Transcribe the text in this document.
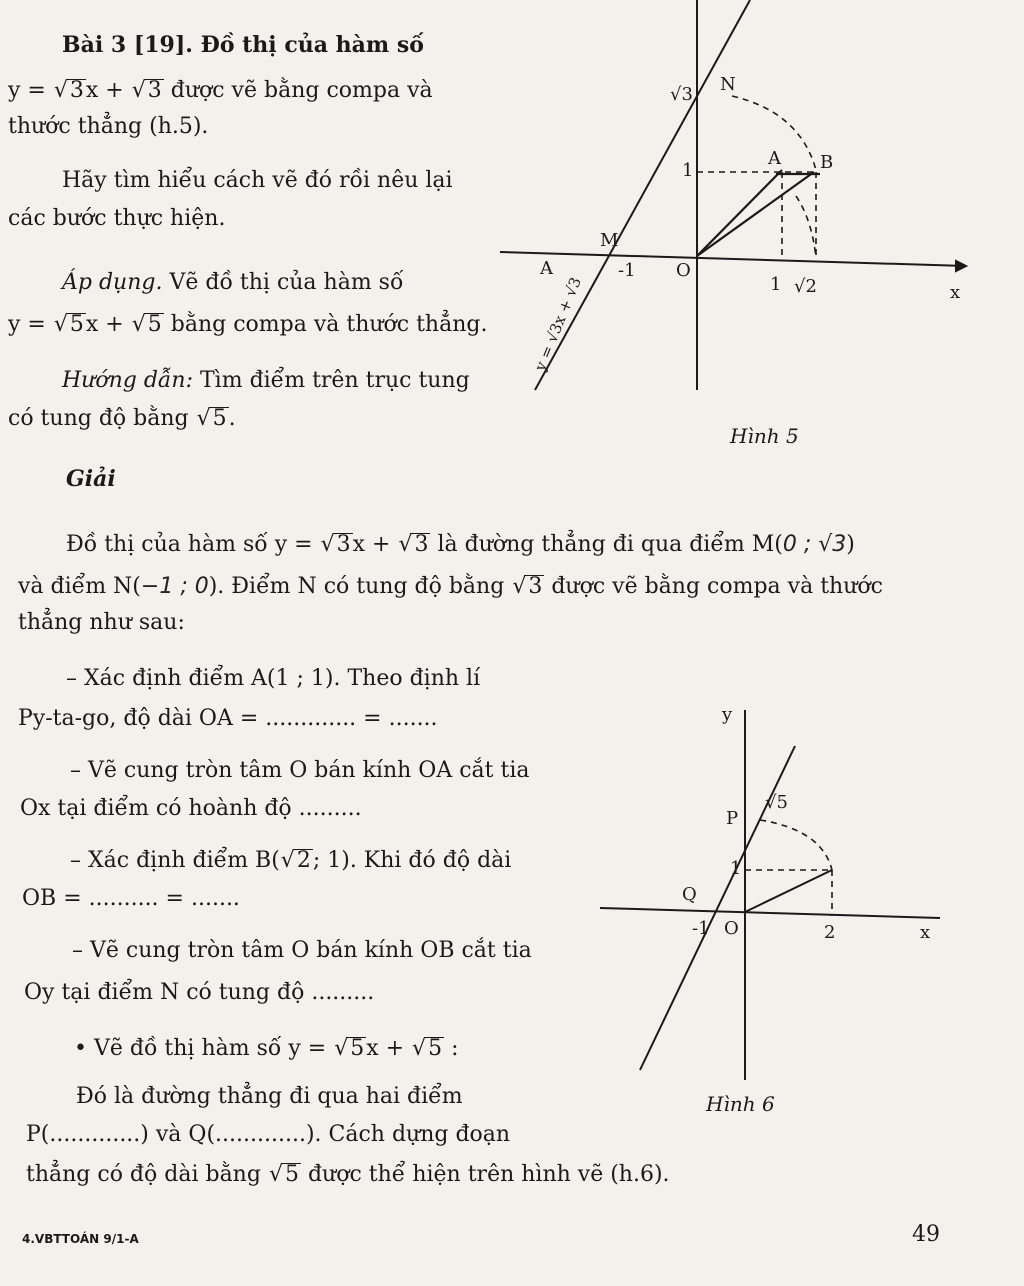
Bài 3 [19]. Đồ thị của hàm số
y = √ 3x + √ 3 được vẽ bằng compa và
thước thẳng (h.5).
Hãy tìm hiểu cách vẽ đó rồi nêu lại
các bước thực hiện.
Áp dụng. Vẽ đồ thị của hàm số
y = √ 5x + √ 5 bằng compa và thước thẳng.
Hướng dẫn: Tìm điểm trên trục tung
có tung độ bằng √ 5.
Giải
Đồ thị của hàm số y = √ 3x + √ 3 là đường thẳng đi qua điểm M(0 ; √3)
và điểm N(−1 ; 0). Điểm N có tung độ bằng √ 3 được vẽ bằng compa và thước
thẳng như sau:
– Xác định điểm A(1 ; 1). Theo định lí
Py-ta-go, độ dài OA = ............. = .......
– Vẽ cung tròn tâm O bán kính OA cắt tia
Ox tại điểm có hoành độ .........
– Xác định điểm B( √ 2; 1). Khi đó độ dài
OB = .......... = .......
– Vẽ cung tròn tâm O bán kính OB cắt tia
Oy tại điểm N có tung độ .........
• Vẽ đồ thị hàm số y = √ 5x + √ 5 :
Đó là đường thẳng đi qua hai điểm
P(.............) và Q(.............). Cách dựng đoạn
thẳng có độ dài bằng √ 5 được thể hiện trên hình vẽ (h.6).
√3 N
A B
1
M
A	-1 O
1 √2	x
y = √3x + √3
Hình 5
y
√5
P
1
Q
-1 O	2	x
Hình 6
4.VBTTOÁN 9/1-A	49
